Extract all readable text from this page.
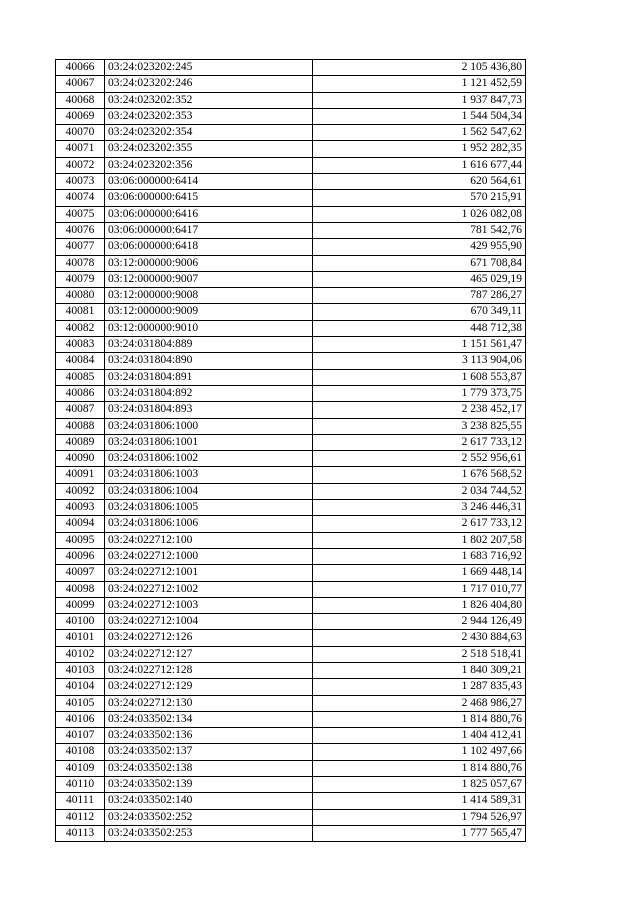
40066	03:24:023202:245	2 105 436,80
40067	03:24:023202:246	1 121 452,59
40068	03:24:023202:352	1 937 847,73
40069	03:24:023202:353	1 544 504,34
40070	03:24:023202:354	1 562 547,62
40071	03:24:023202:355	1 952 282,35
40072	03:24:023202:356	1 616 677,44
40073	03:06:000000:6414	620 564,61
40074	03:06:000000:6415	570 215,91
40075	03:06:000000:6416	1 026 082,08
40076	03:06:000000:6417	781 542,76
40077	03:06:000000:6418	429 955,90
40078	03:12:000000:9006	671 708,84
40079	03:12:000000:9007	465 029,19
40080	03:12:000000:9008	787 286,27
40081	03:12:000000:9009	670 349,11
40082	03:12:000000:9010	448 712,38
40083	03:24:031804:889	1 151 561,47
40084	03:24:031804:890	3 113 904,06
40085	03:24:031804:891	1 608 553,87
40086	03:24:031804:892	1 779 373,75
40087	03:24:031804:893	2 238 452,17
40088	03:24:031806:1000	3 238 825,55
40089	03:24:031806:1001	2 617 733,12
40090	03:24:031806:1002	2 552 956,61
40091	03:24:031806:1003	1 676 568,52
40092	03:24:031806:1004	2 034 744,52
40093	03:24:031806:1005	3 246 446,31
40094	03:24:031806:1006	2 617 733,12
40095	03:24:022712:100	1 802 207,58
40096	03:24:022712:1000	1 683 716,92
40097	03:24:022712:1001	1 669 448,14
40098	03:24:022712:1002	1 717 010,77
40099	03:24:022712:1003	1 826 404,80
40100	03:24:022712:1004	2 944 126,49
40101	03:24:022712:126	2 430 884,63
40102	03:24:022712:127	2 518 518,41
40103	03:24:022712:128	1 840 309,21
40104	03:24:022712:129	1 287 835,43
40105	03:24:022712:130	2 468 986,27
40106	03:24:033502:134	1 814 880,76
40107	03:24:033502:136	1 404 412,41
40108	03:24:033502:137	1 102 497,66
40109	03:24:033502:138	1 814 880,76
40110	03:24:033502:139	1 825 057,67
40111	03:24:033502:140	1 414 589,31
40112	03:24:033502:252	1 794 526,97
40113	03:24:033502:253	1 777 565,47
